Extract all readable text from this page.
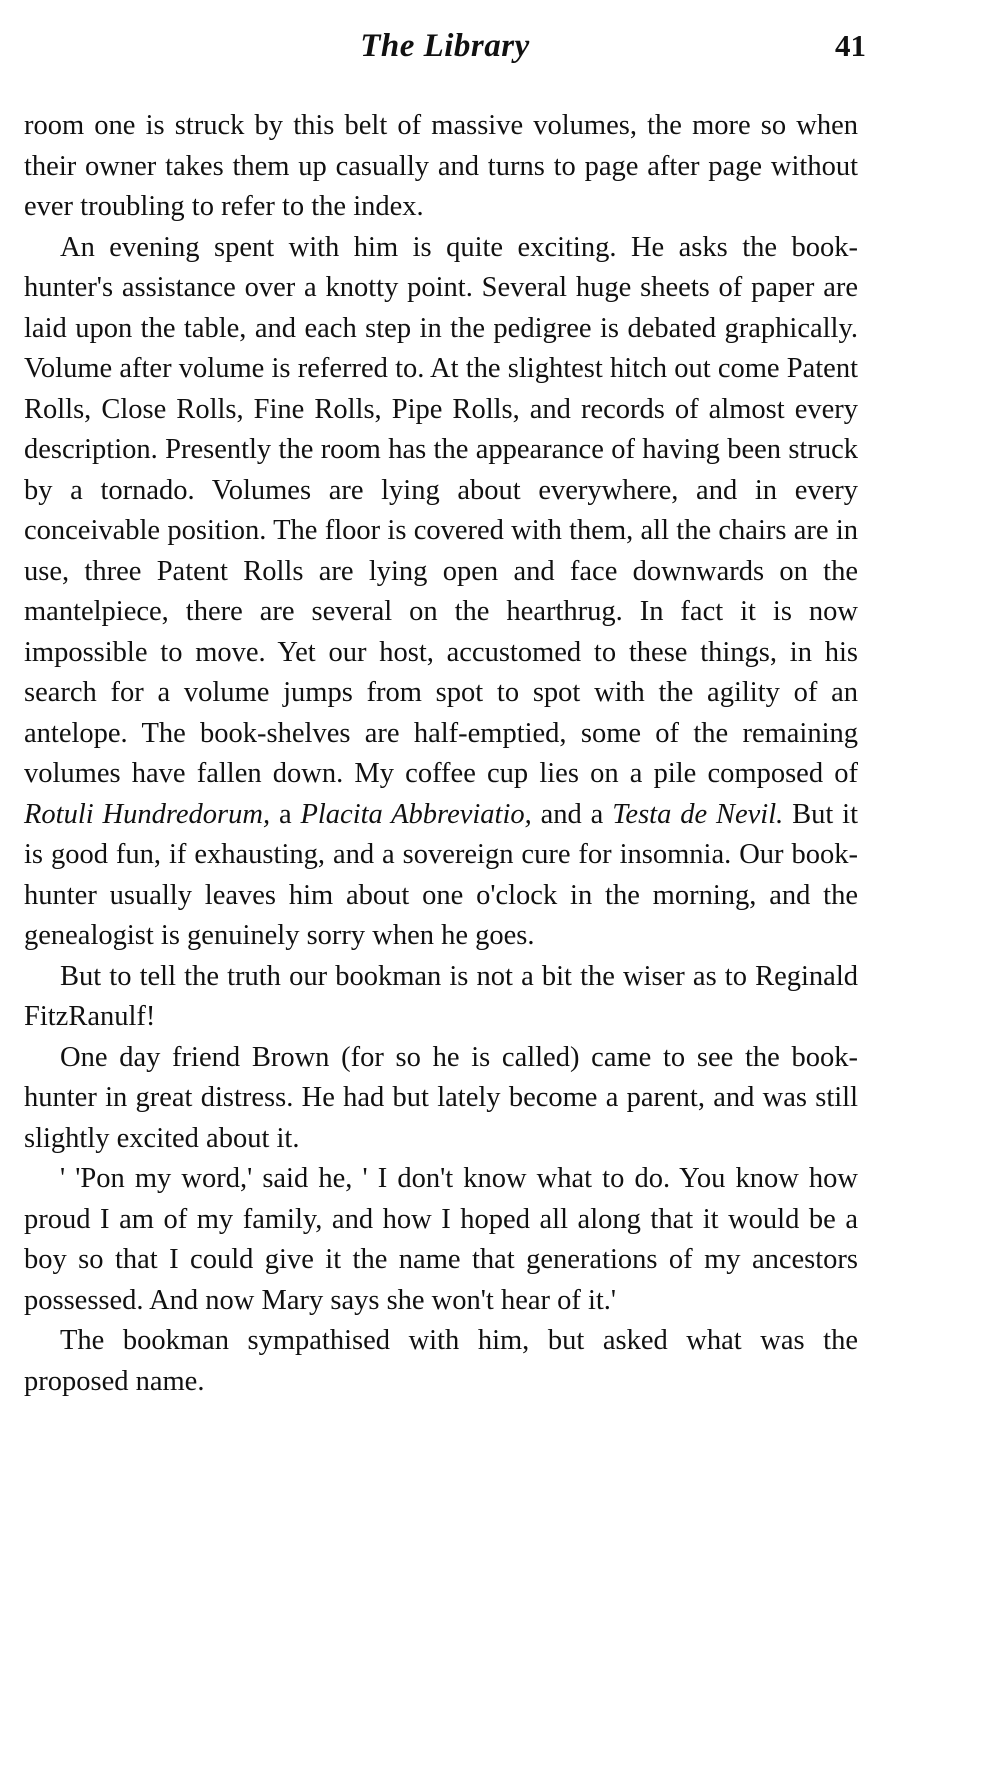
The Library	41

room one is struck by this belt of massive volumes, the more so when their owner takes them up casually and turns to page after page without ever troubling to refer to the index.

An evening spent with him is quite exciting. He asks the book-hunter's assistance over a knotty point. Several huge sheets of paper are laid upon the table, and each step in the pedigree is debated graphically. Volume after volume is referred to. At the slightest hitch out come Patent Rolls, Close Rolls, Fine Rolls, Pipe Rolls, and records of almost every description. Presently the room has the appearance of having been struck by a tornado. Volumes are lying about everywhere, and in every conceivable position. The floor is covered with them, all the chairs are in use, three Patent Rolls are lying open and face downwards on the mantelpiece, there are several on the hearthrug. In fact it is now impossible to move. Yet our host, accustomed to these things, in his search for a volume jumps from spot to spot with the agility of an antelope. The book-shelves are half-emptied, some of the remaining volumes have fallen down. My coffee cup lies on a pile composed of Rotuli Hundredorum, a Placita Abbreviatio, and a Testa de Nevil. But it is good fun, if exhausting, and a sovereign cure for insomnia. Our book-hunter usually leaves him about one o'clock in the morning, and the genealogist is genuinely sorry when he goes.

But to tell the truth our bookman is not a bit the wiser as to Reginald FitzRanulf!

One day friend Brown (for so he is called) came to see the book-hunter in great distress. He had but lately become a parent, and was still slightly excited about it.

' 'Pon my word,' said he, ' I don't know what to do. You know how proud I am of my family, and how I hoped all along that it would be a boy so that I could give it the name that generations of my ancestors possessed. And now Mary says she won't hear of it.'

The bookman sympathised with him, but asked what was the proposed name.
